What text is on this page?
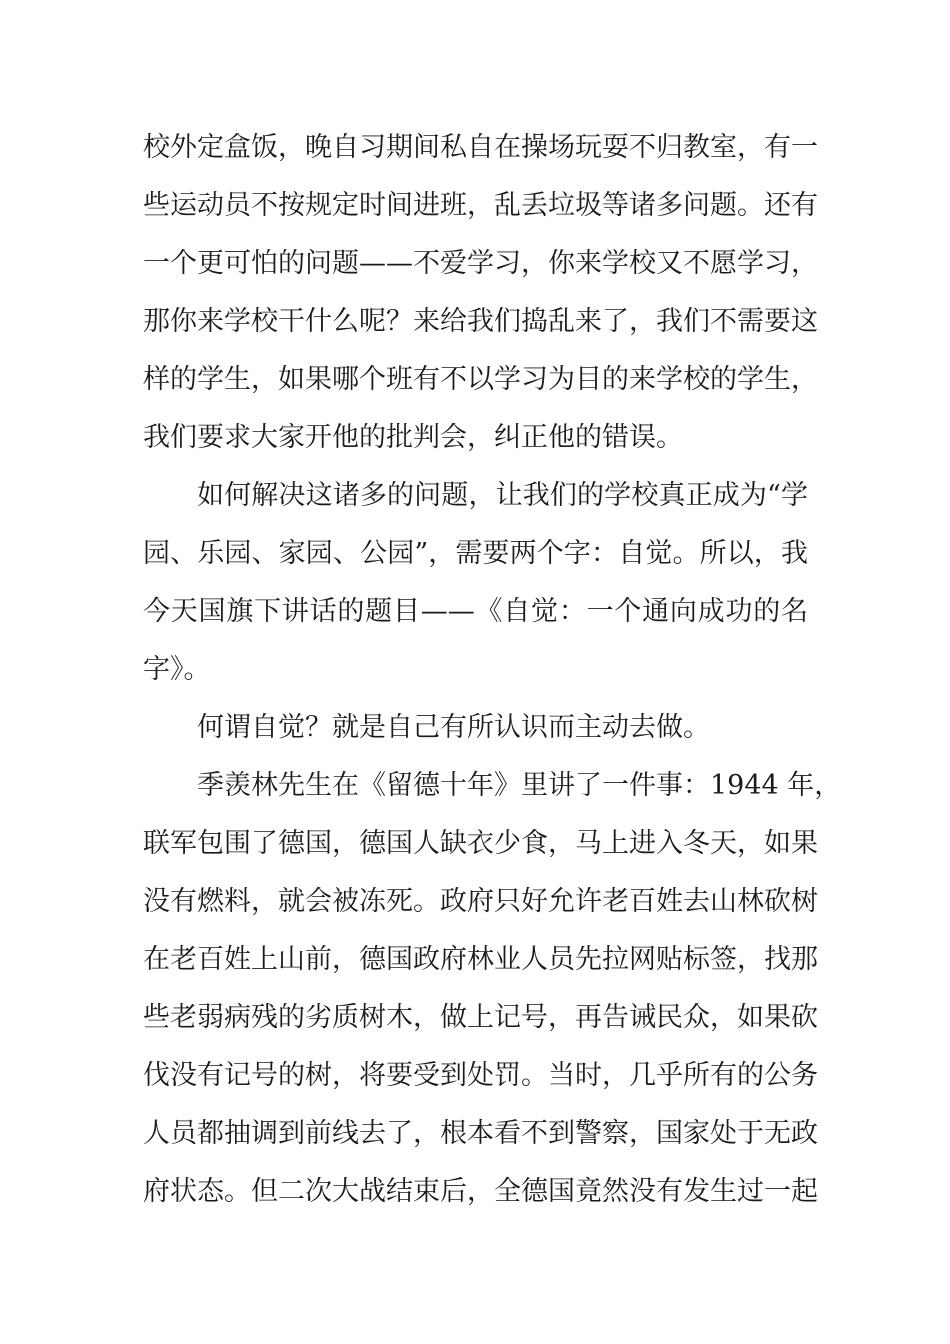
校外定盒饭，晚自习期间私自在操场玩耍不归教室，有一
些运动员不按规定时间进班，乱丢垃圾等诸多问题。还有
一个更可怕的问题——不爱学习，你来学校又不愿学习，
那你来学校干什么呢？来给我们捣乱来了，我们不需要这
样的学生，如果哪个班有不以学习为目的来学校的学生，
我们要求大家开他的批判会，纠正他的错误。
如何解决这诸多的问题，让我们的学校真正成为“学
园、乐园、家园、公园”，需要两个字：自觉。所以，我
今天国旗下讲话的题目——《自觉：一个通向成功的名
字》。
何谓自觉？就是自己有所认识而主动去做。
季羡林先生在《留德十年》里讲了一件事：1944 年，
联军包围了德国，德国人缺衣少食，马上进入冬天，如果
没有燃料，就会被冻死。政府只好允许老百姓去山林砍树
在老百姓上山前，德国政府林业人员先拉网贴标签，找那
些老弱病残的劣质树木，做上记号，再告诫民众，如果砍
伐没有记号的树，将要受到处罚。当时，几乎所有的公务
人员都抽调到前线去了，根本看不到警察，国家处于无政
府状态。但二次大战结束后，全德国竟然没有发生过一起
